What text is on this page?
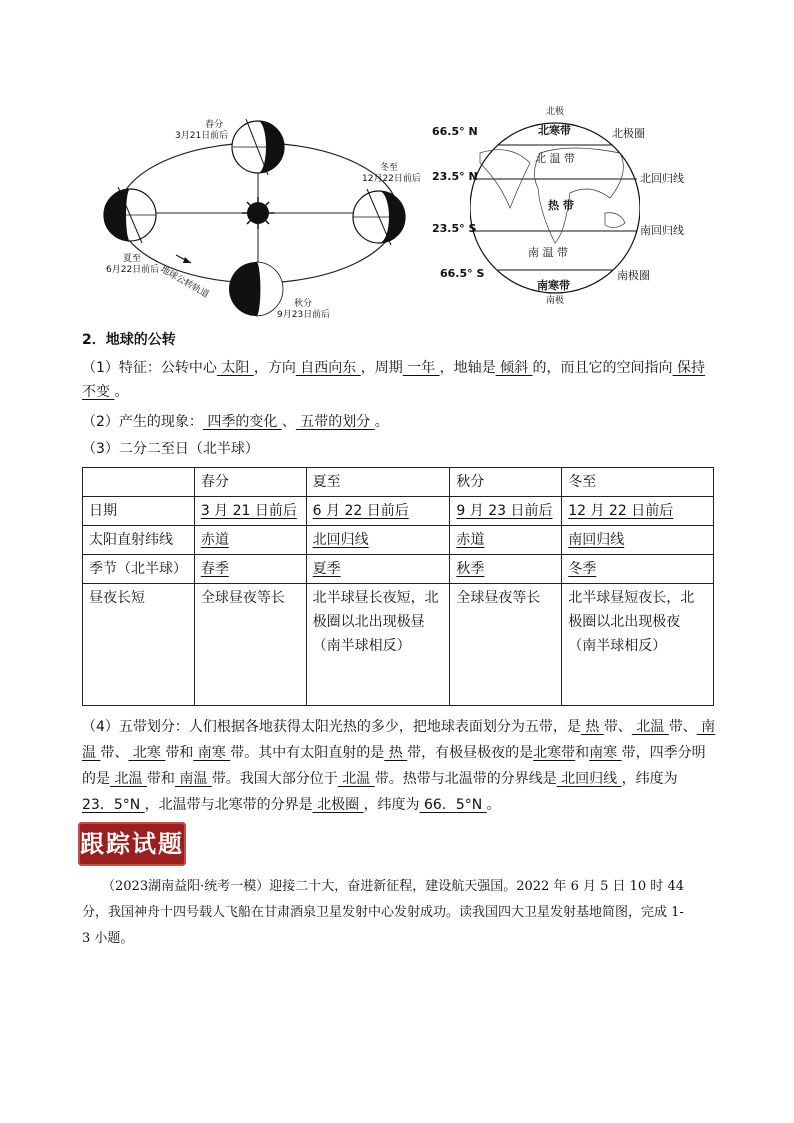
春分
3月21日前后
夏至
6月22日前后
冬至
12月22日前后
秋分
9月23日前后
地球公转轨道
北极
南极
66.5° N
23.5° N
23.5° S
66.5° S
北极圈
北回归线
南回归线
南极圈
北寒带
北 温 带
热 带
南 温 带
南寒带
2．地球的公转
（1）特征：公转中心 太阳 ，方向 自西向东 ，周期 一年 ，地轴是 倾斜 的，而且它的空间指向 保持
不变 。
（2）产生的现象： 四季的变化 、 五带的划分 。
（3）二分二至日（北半球）
	春分	夏至	秋分	冬至
日期	3 月 21 日前后	6 月 22 日前后	9 月 23 日前后	12 月 22 日前后
太阳直射纬线	赤道	北回归线	赤道	南回归线
季节（北半球）	春季	夏季	秋季	冬季
昼夜长短	全球昼夜等长	北半球昼长夜短，北极圈以北出现极昼（南半球相反）	全球昼夜等长	北半球昼短夜长，北极圈以北出现极夜（南半球相反）
（4）五带划分：人们根据各地获得太阳光热的多少，把地球表面划分为五带，是 热 带、 北温 带、 南
温 带、 北寒 带和 南寒 带。其中有太阳直射的是 热 带，有极昼极夜的是北寒带和南寒 带，四季分明
的是 北温 带和 南温 带。我国大部分位于 北温 带。热带与北温带的分界线是 北回归线 ，纬度为
23．5°N ，北温带与北寒带的分界是 北极圈 ，纬度为 66．5°N 。
跟踪试题
（2023湖南益阳·统考一模）迎接二十大，奋进新征程，建设航天强国。2022 年 6 月 5 日 10 时 44
分，我国神舟十四号载人飞船在甘肃酒泉卫星发射中心发射成功。读我国四大卫星发射基地简图，完成 1-
3 小题。
